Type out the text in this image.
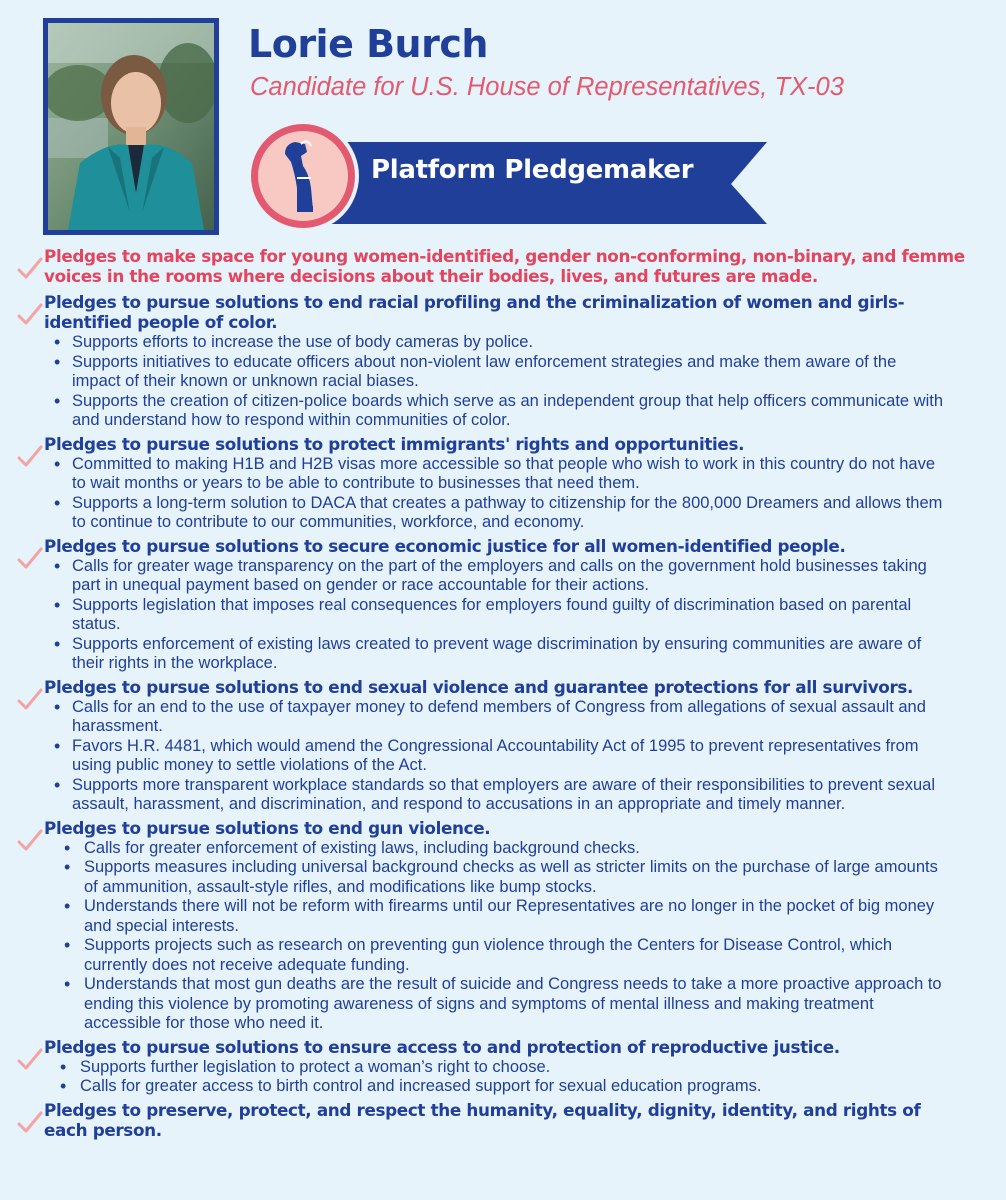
Lorie Burch
Candidate for U.S. House of Representatives, TX-03
Platform Pledgemaker
Pledges to make space for young women-identified, gender non-conforming, non-binary, and femme voices in the rooms where decisions about their bodies, lives, and futures are made.
Pledges to pursue solutions to end racial profiling and the criminalization of women and girls-identified people of color.
• Supports efforts to increase the use of body cameras by police.
• Supports initiatives to educate officers about non-violent law enforcement strategies and make them aware of the impact of their known or unknown racial biases.
• Supports the creation of citizen-police boards which serve as an independent group that help officers communicate with and understand how to respond within communities of color.
Pledges to pursue solutions to protect immigrants' rights and opportunities.
• Committed to making H1B and H2B visas more accessible so that people who wish to work in this country do not have to wait months or years to be able to contribute to businesses that need them.
• Supports a long-term solution to DACA that creates a pathway to citizenship for the 800,000 Dreamers and allows them to continue to contribute to our communities, workforce, and economy.
Pledges to pursue solutions to secure economic justice for all women-identified people.
• Calls for greater wage transparency on the part of the employers and calls on the government hold businesses taking part in unequal payment based on gender or race accountable for their actions.
• Supports legislation that imposes real consequences for employers found guilty of discrimination based on parental status.
• Supports enforcement of existing laws created to prevent wage discrimination by ensuring communities are aware of their rights in the workplace.
Pledges to pursue solutions to end sexual violence and guarantee protections for all survivors.
• Calls for an end to the use of taxpayer money to defend members of Congress from allegations of sexual assault and harassment.
• Favors H.R. 4481, which would amend the Congressional Accountability Act of 1995 to prevent representatives from using public money to settle violations of the Act.
• Supports more transparent workplace standards so that employers are aware of their responsibilities to prevent sexual assault, harassment, and discrimination, and respond to accusations in an appropriate and timely manner.
Pledges to pursue solutions to end gun violence.
• Calls for greater enforcement of existing laws, including background checks.
• Supports measures including universal background checks as well as stricter limits on the purchase of large amounts of ammunition, assault-style rifles, and modifications like bump stocks.
• Understands there will not be reform with firearms until our Representatives are no longer in the pocket of big money and special interests.
• Supports projects such as research on preventing gun violence through the Centers for Disease Control, which currently does not receive adequate funding.
• Understands that most gun deaths are the result of suicide and Congress needs to take a more proactive approach to ending this violence by promoting awareness of signs and symptoms of mental illness and making treatment accessible for those who need it.
Pledges to pursue solutions to ensure access to and protection of reproductive justice.
• Supports further legislation to protect a woman’s right to choose.
• Calls for greater access to birth control and increased support for sexual education programs.
Pledges to preserve, protect, and respect the humanity, equality, dignity, identity, and rights of each person.
